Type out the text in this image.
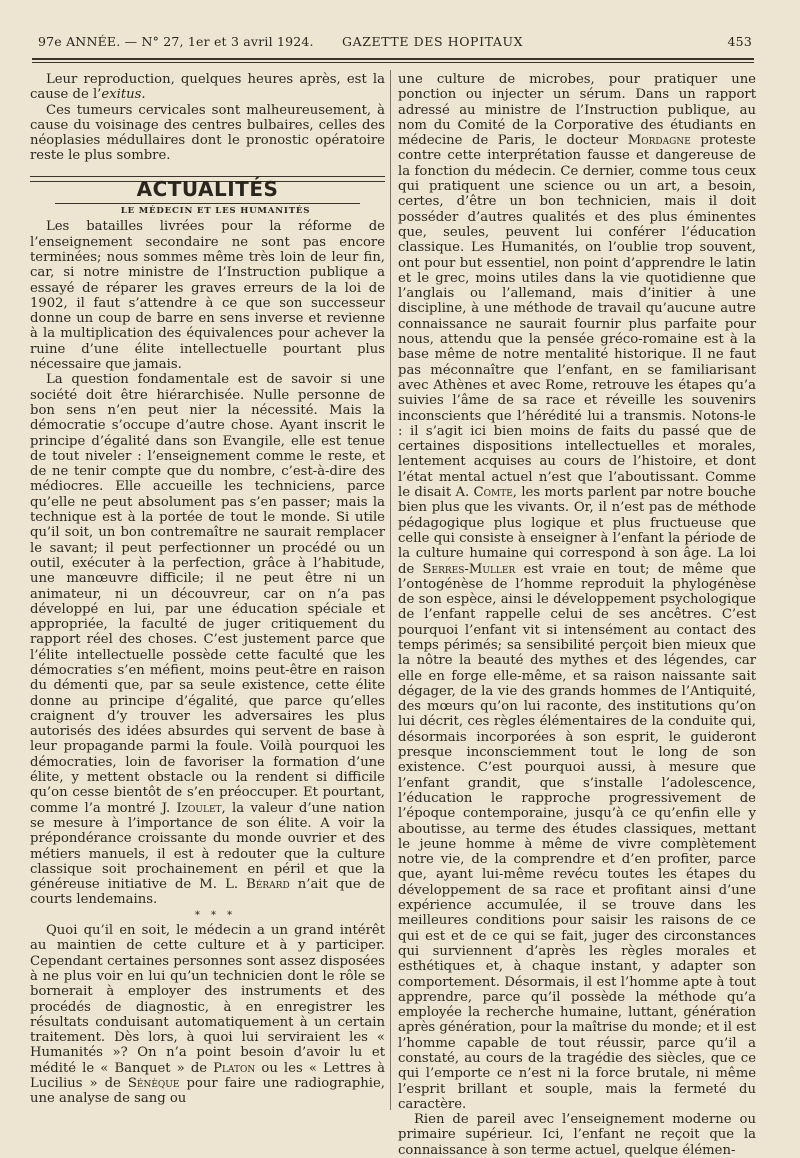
97e ANNÉE. — N° 27, 1er et 3 avril 1924. GAZETTE DES HOPITAUX	453

Leur reproduction, quelques heures après, est la cause de l’exitus.

Ces tumeurs cervicales sont malheureusement, à cause du voisinage des centres bulbaires, celles des néoplasies médullaires dont le pronostic opératoire reste le plus sombre.

ACTUALITÉS

LE MÉDECIN ET LES HUMANITÉS

Les batailles livrées pour la réforme de l’enseignement secondaire ne sont pas encore terminées; nous sommes même très loin de leur fin, car, si notre ministre de l’Instruction publique a essayé de réparer les graves erreurs de la loi de 1902, il faut s’attendre à ce que son successeur donne un coup de barre en sens inverse et revienne à la multiplication des équivalences pour achever la ruine d’une élite intellectuelle pourtant plus nécessaire que jamais.

La question fondamentale est de savoir si une société doit être hiérarchisée. Nulle personne de bon sens n’en peut nier la nécessité. Mais la démocratie s’occupe d’autre chose. Ayant inscrit le principe d’égalité dans son Evangile, elle est tenue de tout niveler : l’enseignement comme le reste, et de ne tenir compte que du nombre, c’est-à-dire des médiocres. Elle accueille les techniciens, parce qu’elle ne peut absolument pas s’en passer; mais la technique est à la portée de tout le monde. Si utile qu’il soit, un bon contremaître ne saurait remplacer le savant; il peut perfectionner un procédé ou un outil, exécuter à la perfection, grâce à l’habitude, une manœuvre difficile; il ne peut être ni un animateur, ni un découvreur, car on n’a pas développé en lui, par une éducation spéciale et appropriée, la faculté de juger critiquement du rapport réel des choses. C’est justement parce que l’élite intellectuelle possède cette faculté que les démocraties s’en méfient, moins peut-être en raison du démenti que, par sa seule existence, cette élite donne au principe d’égalité, que parce qu’elles craignent d’y trouver les adversaires les plus autorisés des idées absurdes qui servent de base à leur propagande parmi la foule. Voilà pourquoi les démocraties, loin de favoriser la formation d’une élite, y mettent obstacle ou la rendent si difficile qu’on cesse bientôt de s’en préoccuper. Et pourtant, comme l’a montré J. Izoulet, la valeur d’une nation se mesure à l’importance de son élite. A voir la prépondérance croissante du monde ouvrier et des métiers manuels, il est à redouter que la culture classique soit prochainement en péril et que la généreuse initiative de M. L. Bérard n’ait que de courts lendemains.

* * *

Quoi qu’il en soit, le médecin a un grand intérêt au maintien de cette culture et à y participer. Cependant certaines personnes sont assez disposées à ne plus voir en lui qu’un technicien dont le rôle se bornerait à employer des instruments et des procédés de diagnostic, à en enregistrer les résultats conduisant automatiquement à un certain traitement. Dès lors, à quoi lui serviraient les « Humanités »? On n’a point besoin d’avoir lu et médité le « Banquet » de Platon ou les « Lettres à Lucilius » de Sénèque pour faire une radiographie, une analyse de sang ou

une culture de microbes, pour pratiquer une ponction ou injecter un sérum. Dans un rapport adressé au ministre de l’Instruction publique, au nom du Comité de la Corporative des étudiants en médecine de Paris, le docteur Mordagne proteste contre cette interprétation fausse et dangereuse de la fonction du médecin. Ce dernier, comme tous ceux qui pratiquent une science ou un art, a besoin, certes, d’être un bon technicien, mais il doit posséder d’autres qualités et des plus éminentes que, seules, peuvent lui conférer l’éducation classique. Les Humanités, on l’oublie trop souvent, ont pour but essentiel, non point d’apprendre le latin et le grec, moins utiles dans la vie quotidienne que l’anglais ou l’allemand, mais d’initier à une discipline, à une méthode de travail qu’aucune autre connaissance ne saurait fournir plus parfaite pour nous, attendu que la pensée gréco-romaine est à la base même de notre mentalité historique. Il ne faut pas méconnaître que l’enfant, en se familiarisant avec Athènes et avec Rome, retrouve les étapes qu’a suivies l’âme de sa race et réveille les souvenirs inconscients que l’hérédité lui a transmis. Notons-le : il s’agit ici bien moins de faits du passé que de certaines dispositions intellectuelles et morales, lentement acquises au cours de l’histoire, et dont l’état mental actuel n’est que l’aboutissant. Comme le disait A. Comte, les morts parlent par notre bouche bien plus que les vivants. Or, il n’est pas de méthode pédagogique plus logique et plus fructueuse que celle qui consiste à enseigner à l’enfant la période de la culture humaine qui correspond à son âge. La loi de Serres-Muller est vraie en tout; de même que l’ontogénèse de l’homme reproduit la phylogénèse de son espèce, ainsi le développement psychologique de l’enfant rappelle celui de ses ancêtres. C’est pourquoi l’enfant vit si intensément au contact des temps périmés; sa sensibilité perçoit bien mieux que la nôtre la beauté des mythes et des légendes, car elle en forge elle-même, et sa raison naissante sait dégager, de la vie des grands hommes de l’Antiquité, des mœurs qu’on lui raconte, des institutions qu’on lui décrit, ces règles élémentaires de la conduite qui, désormais incorporées à son esprit, le guideront presque inconsciemment tout le long de son existence. C’est pourquoi aussi, à mesure que l’enfant grandit, que s’installe l’adolescence, l’éducation le rapproche progressivement de l’époque contemporaine, jusqu’à ce qu’enfin elle y aboutisse, au terme des études classiques, mettant le jeune homme à même de vivre complètement notre vie, de la comprendre et d’en profiter, parce que, ayant lui-même revécu toutes les étapes du développement de sa race et profitant ainsi d’une expérience accumulée, il se trouve dans les meilleures conditions pour saisir les raisons de ce qui est et de ce qui se fait, juger des circonstances qui surviennent d’après les règles morales et esthétiques et, à chaque instant, y adapter son comportement. Désormais, il est l’homme apte à tout apprendre, parce qu’il possède la méthode qu’a employée la recherche humaine, luttant, génération après génération, pour la maîtrise du monde; et il est l’homme capable de tout réussir, parce qu’il a constaté, au cours de la tragédie des siècles, que ce qui l’emporte ce n’est ni la force brutale, ni même l’esprit brillant et souple, mais la fermeté du caractère.

Rien de pareil avec l’enseignement moderne ou primaire supérieur. Ici, l’enfant ne reçoit que la connaissance à son terme actuel, quelque élémen-
